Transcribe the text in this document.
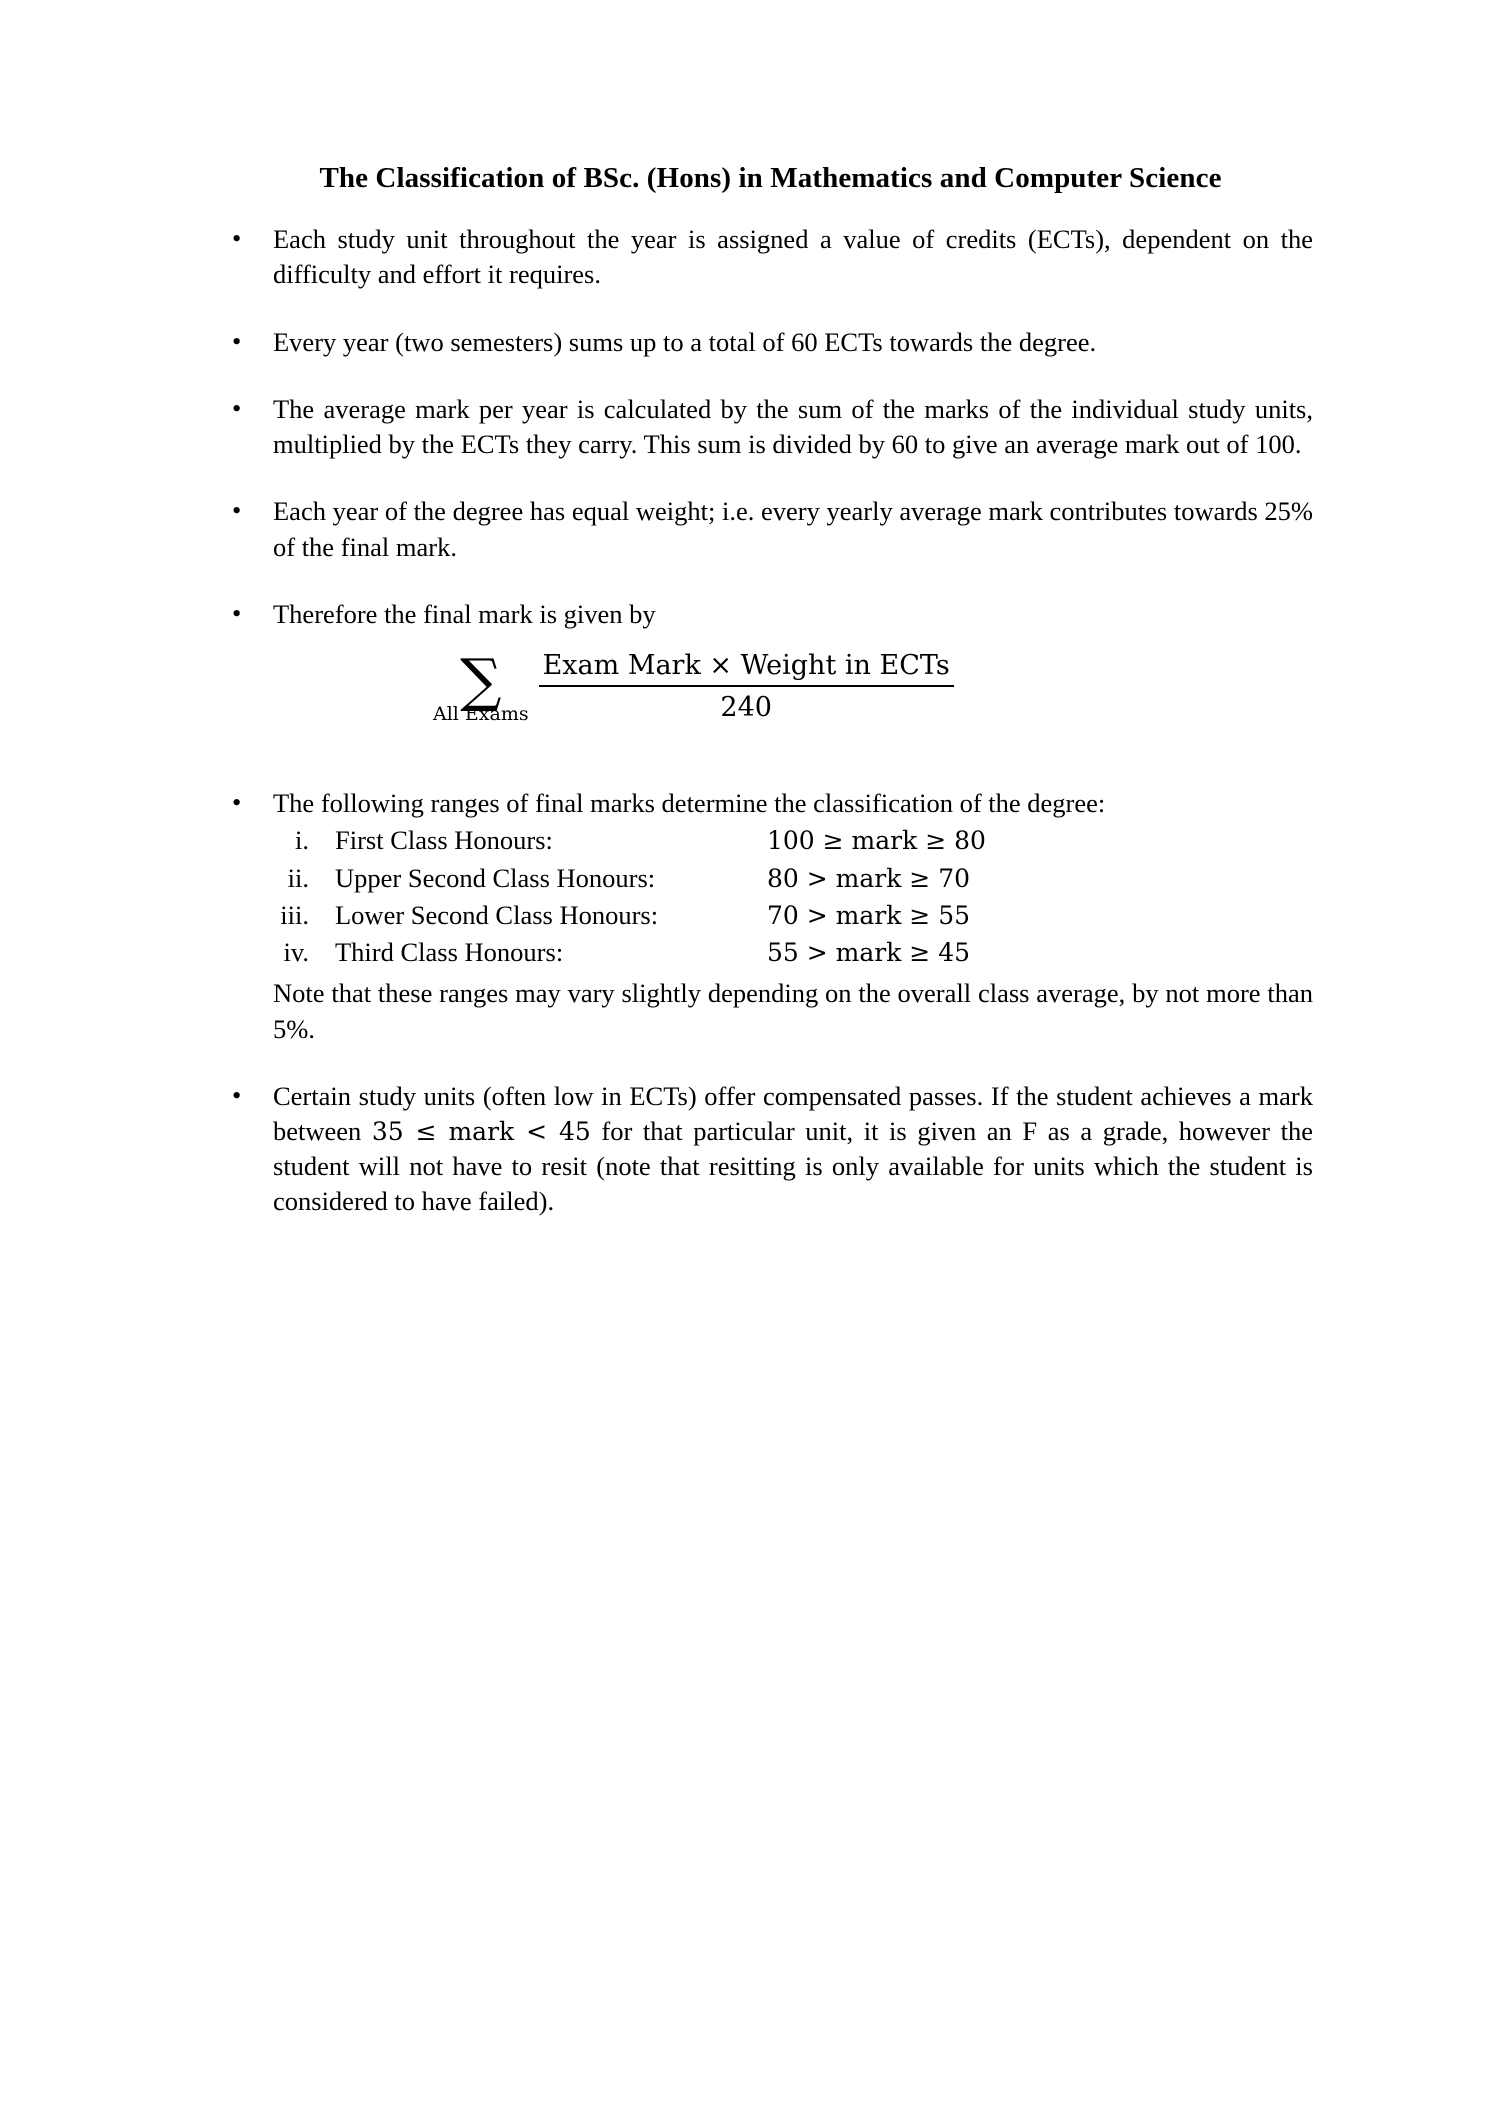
The Classification of BSc. (Hons) in Mathematics and Computer Science
• Each study unit throughout the year is assigned a value of credits (ECTs), dependent on the difficulty and effort it requires.
• Every year (two semesters) sums up to a total of 60 ECTs towards the degree.
• The average mark per year is calculated by the sum of the marks of the individual study units, multiplied by the ECTs they carry. This sum is divided by 60 to give an average mark out of 100.
• Each year of the degree has equal weight; i.e. every yearly average mark contributes towards 25% of the final mark.
• Therefore the final mark is given by
∑
All Exams $\frac{\text{Exam Mark × Weight in ECTs}}{240}$
• The following ranges of final marks determine the classification of the degree:
i. First Class Honours:	100 ≥ mark ≥ 80
ii. Upper Second Class Honours:	80 > mark ≥ 70
iii. Lower Second Class Honours:	70 > mark ≥ 55
iv. Third Class Honours:	55 > mark ≥ 45
Note that these ranges may vary slightly depending on the overall class average, by not more than 5%.
• Certain study units (often low in ECTs) offer compensated passes. If the student achieves a mark between 35 ≤ mark < 45 for that particular unit, it is given an F as a grade, however the student will not have to resit (note that resitting is only available for units which the student is considered to have failed).
